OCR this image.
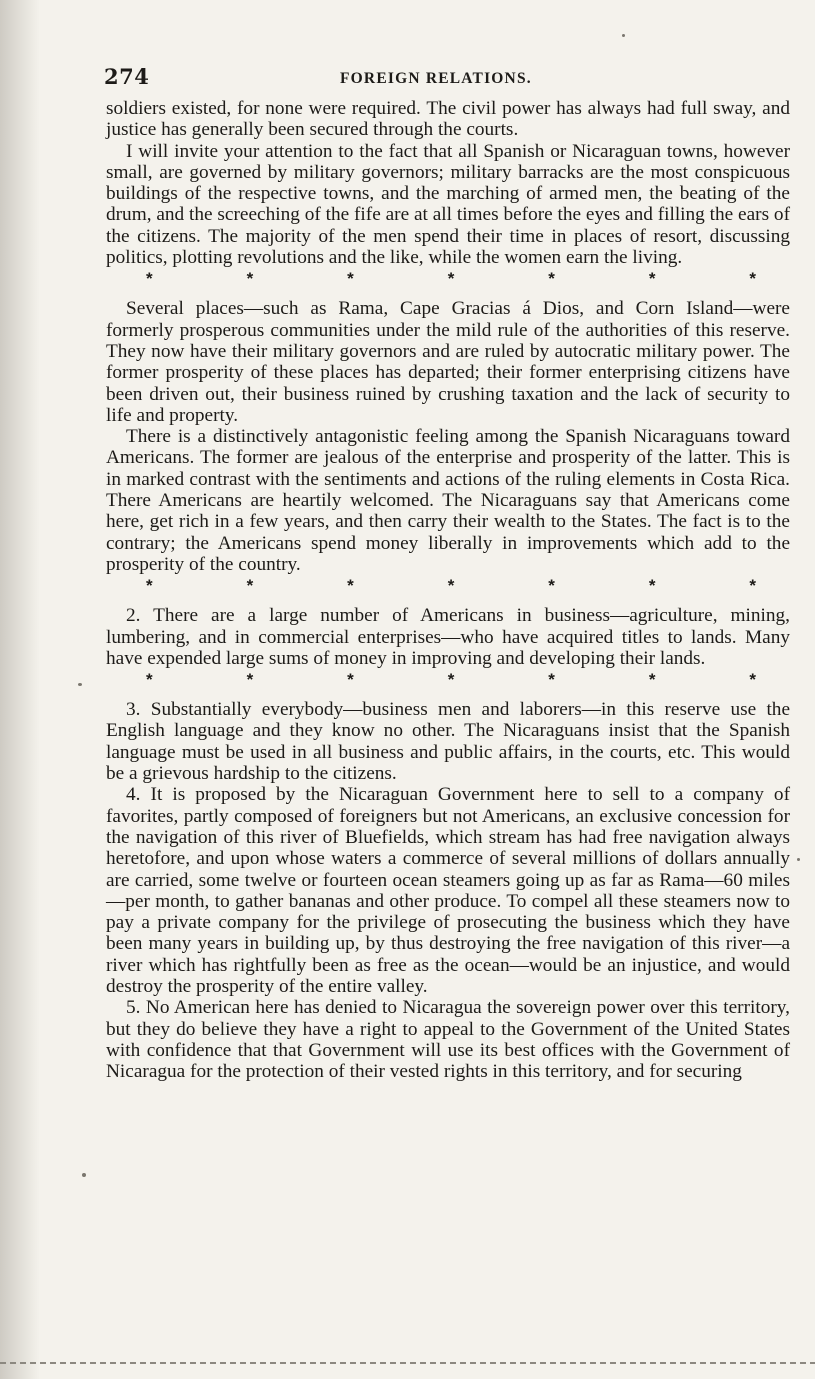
274	FOREIGN RELATIONS.

soldiers existed, for none were required. The civil power has always had full sway, and justice has generally been secured through the courts.

I will invite your attention to the fact that all Spanish or Nicaraguan towns, however small, are governed by military governors; military barracks are the most conspicuous buildings of the respective towns, and the marching of armed men, the beating of the drum, and the screeching of the fife are at all times before the eyes and filling the ears of the citizens. The majority of the men spend their time in places of resort, discussing politics, plotting revolutions and the like, while the women earn the living.

*	*	*	*	*	*	*

Several places—such as Rama, Cape Gracias á Dios, and Corn Island—were formerly prosperous communities under the mild rule of the authorities of this reserve. They now have their military governors and are ruled by autocratic military power. The former prosperity of these places has departed; their former enterprising citizens have been driven out, their business ruined by crushing taxation and the lack of security to life and property.

There is a distinctively antagonistic feeling among the Spanish Nicaraguans toward Americans. The former are jealous of the enterprise and prosperity of the latter. This is in marked contrast with the sentiments and actions of the ruling elements in Costa Rica. There Americans are heartily welcomed. The Nicaraguans say that Americans come here, get rich in a few years, and then carry their wealth to the States. The fact is to the contrary; the Americans spend money liberally in improvements which add to the prosperity of the country.

*	*	*	*	*	*	*

2. There are a large number of Americans in business—agriculture, mining, lumbering, and in commercial enterprises—who have acquired titles to lands. Many have expended large sums of money in improving and developing their lands.

*	*	*	*	*	*	*

3. Substantially everybody—business men and laborers—in this reserve use the English language and they know no other. The Nicaraguans insist that the Spanish language must be used in all business and public affairs, in the courts, etc. This would be a grievous hardship to the citizens.

4. It is proposed by the Nicaraguan Government here to sell to a company of favorites, partly composed of foreigners but not Americans, an exclusive concession for the navigation of this river of Bluefields, which stream has had free navigation always heretofore, and upon whose waters a commerce of several millions of dollars annually are carried, some twelve or fourteen ocean steamers going up as far as Rama—60 miles—per month, to gather bananas and other produce. To compel all these steamers now to pay a private company for the privilege of prosecuting the business which they have been many years in building up, by thus destroying the free navigation of this river—a river which has rightfully been as free as the ocean—would be an injustice, and would destroy the prosperity of the entire valley.

5. No American here has denied to Nicaragua the sovereign power over this territory, but they do believe they have a right to appeal to the Government of the United States with confidence that that Government will use its best offices with the Government of Nicaragua for the protection of their vested rights in this territory, and for securing
